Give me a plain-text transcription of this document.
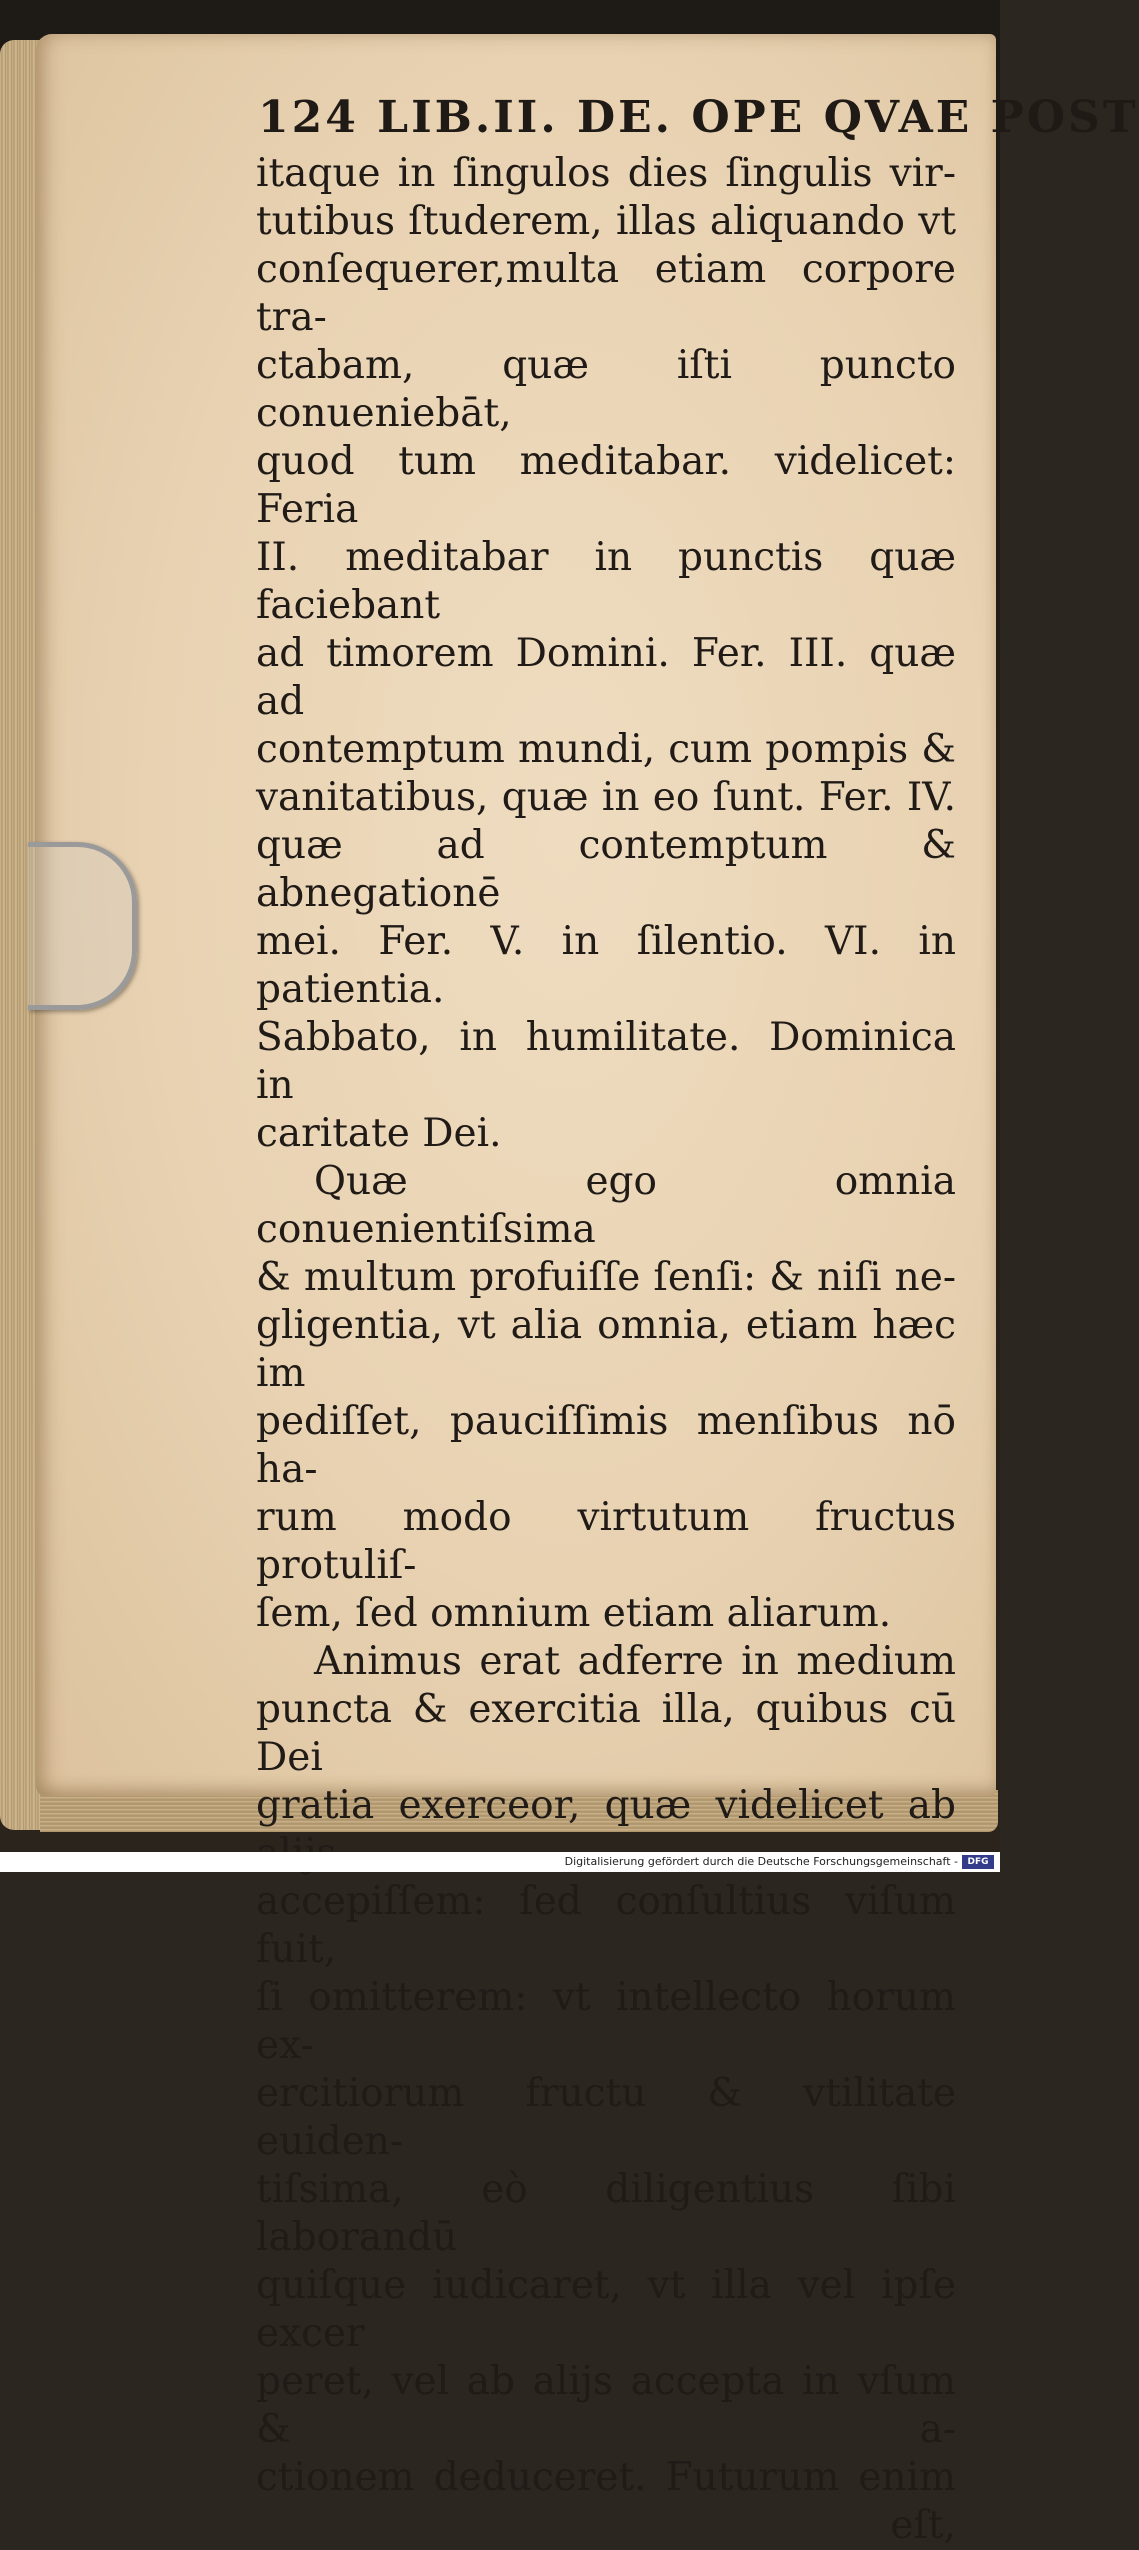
124 LIB.II. DE. OPE QVAE POST

itaque in ſingulos dies ſingulis vir-

tutibus ſtuderem, illas aliquando vt

conſequerer,multa etiam corpore tra-

ctabam, quæ iſti puncto conueniebāt,

quod tum meditabar. videlicet: Feria

II. meditabar in punctis quæ faciebant

ad timorem Domini. Fer. III. quæ ad

contemptum mundi, cum pompis &

vanitatibus, quæ in eo ſunt. Fer. IV.

quæ ad contemptum & abnegationē

mei. Fer. V. in ſilentio. VI. in patientia.

Sabbato, in humilitate. Dominica in

caritate Dei.

Quæ ego omnia conuenientiſsima

& multum profuiſſe ſenſi: & niſi ne-

gligentia, vt alia omnia, etiam hæc im

pediſſet, pauciſſimis menſibus nō ha-

rum modo virtutum fructus protuliſ-

ſem, ſed omnium etiam aliarum.

Animus erat adferre in medium

puncta & exercitia illa, quibus cū Dei

gratia exerceor, quæ videlicet ab

accepiſſem: ſed conſultius viſum fuit,

ſi omitterem: vt intellecto horum ex-

ercitiorum fructu & vtilitate euiden-

tiſsima, eò diligentius ſibi laborandū

quiſque iudicaret, vt illa vel ipſe excer

peret, vel ab alijs accepta in vſum & a-

ctionem deduceret. Futurum enim

eſt,

Digitalisierung gefördert durch die Deutsche Forschungsgemeinschaft -	DFG
